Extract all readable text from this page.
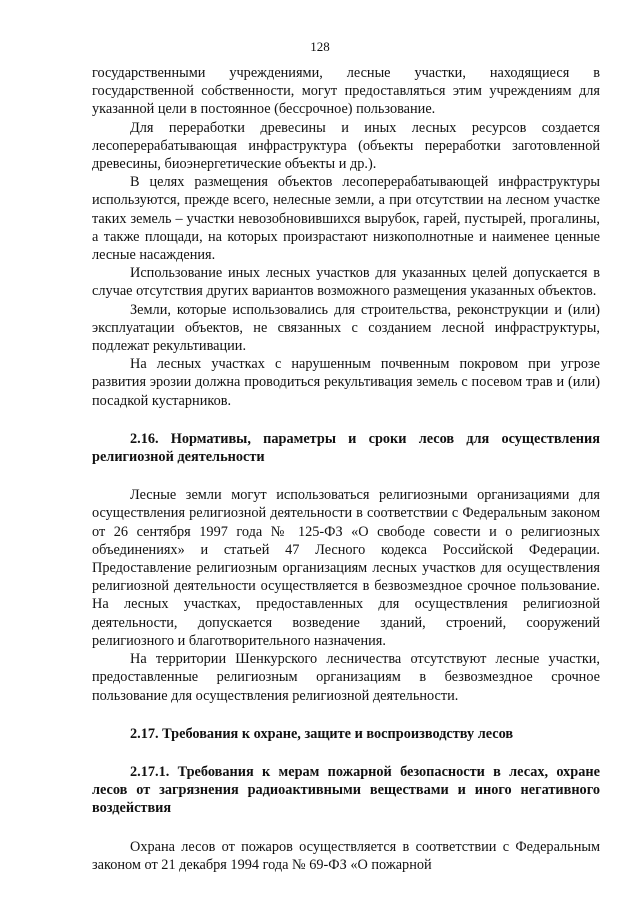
128

государственными учреждениями, лесные участки, находящиеся в государственной собственности, могут предоставляться этим учреждениям для указанной цели в постоянное (бессрочное) пользование.

Для переработки древесины и иных лесных ресурсов создается лесоперерабатывающая инфраструктура (объекты переработки заготовленной древесины, биоэнергетические объекты и др.).

В целях размещения объектов лесоперерабатывающей инфраструктуры используются, прежде всего, нелесные земли, а при отсутствии на лесном участке таких земель – участки невозобновившихся вырубок, гарей, пустырей, прогалины, а также площади, на которых произрастают низкополнотные и наименее ценные лесные насаждения.

Использование иных лесных участков для указанных целей допускается в случае отсутствия других вариантов возможного размещения указанных объектов.

Земли, которые использовались для строительства, реконструкции и (или) эксплуатации объектов, не связанных с созданием лесной инфраструктуры, подлежат рекультивации.

На лесных участках с нарушенным почвенным покровом при угрозе развития эрозии должна проводиться рекультивация земель с посевом трав и (или) посадкой кустарников.

2.16. Нормативы, параметры и сроки лесов для осуществления религиозной деятельности

Лесные земли могут использоваться религиозными организациями для осуществления религиозной деятельности в соответствии с Федеральным законом от 26 сентября 1997 года № 125-ФЗ «О свободе совести и о религиозных объединениях» и статьей 47 Лесного кодекса Российской Федерации. Предоставление религиозным организациям лесных участков для осуществления религиозной деятельности осуществляется в безвозмездное срочное пользование. На лесных участках, предоставленных для осуществления религиозной деятельности, допускается возведение зданий, строений, сооружений религиозного и благотворительного назначения.

На территории Шенкурского лесничества отсутствуют лесные участки, предоставленные религиозным организациям в безвозмездное срочное пользование для осуществления религиозной деятельности.

2.17. Требования к охране, защите и воспроизводству лесов
2.17.1. Требования к мерам пожарной безопасности в лесах, охране лесов от загрязнения радиоактивными веществами и иного негативного воздействия

Охрана лесов от пожаров осуществляется в соответствии с Федеральным законом от 21 декабря 1994 года № 69-ФЗ «О пожарной
